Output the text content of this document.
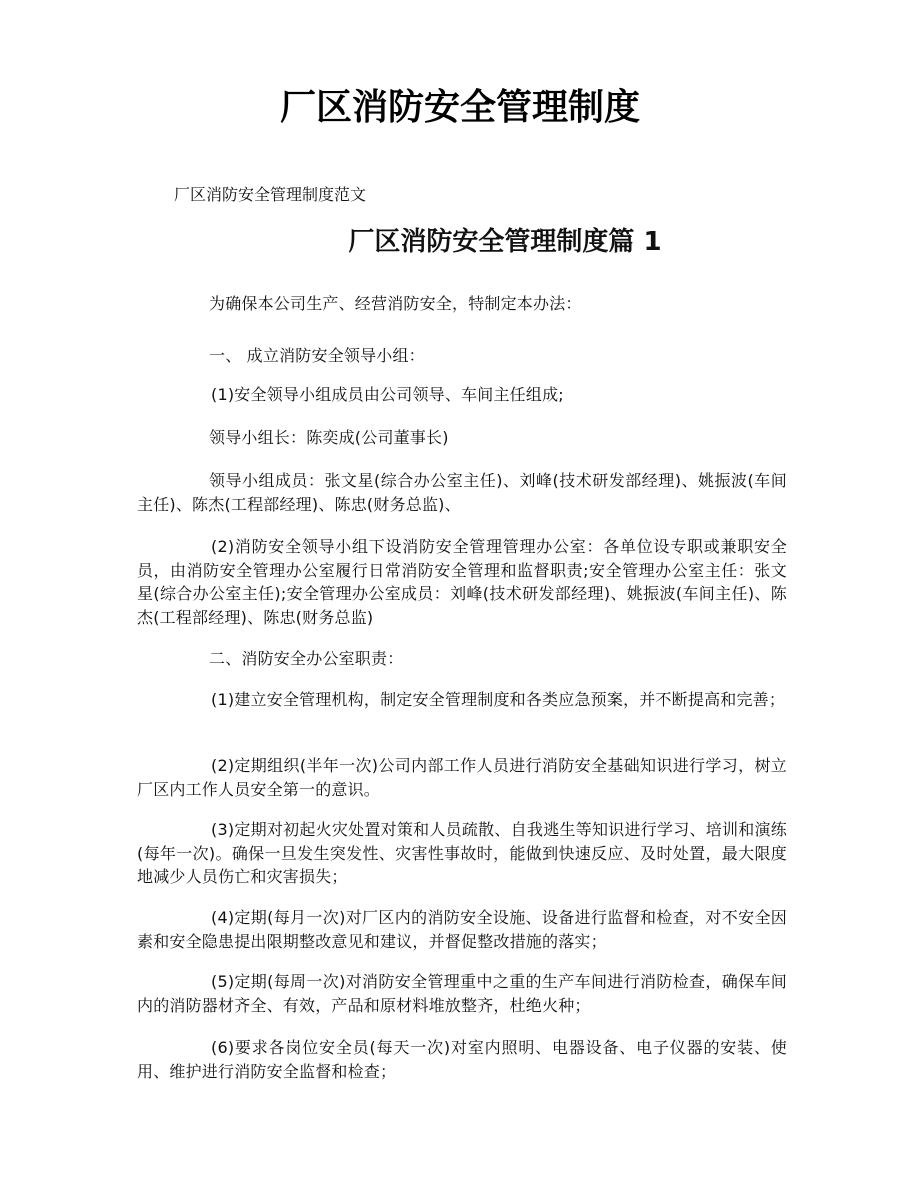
厂区消防安全管理制度
厂区消防安全管理制度范文
厂区消防安全管理制度篇 1
为确保本公司生产、经营消防安全，特制定本办法：
一、 成立消防安全领导小组：
(1)安全领导小组成员由公司领导、车间主任组成;
领导小组长：陈奕成(公司董事长)
领导小组成员：张文星(综合办公室主任)、刘峰(技术研发部经理)、姚振波(车间主任)、陈杰(工程部经理)、陈忠(财务总监)、
(2)消防安全领导小组下设消防安全管理管理办公室：各单位设专职或兼职安全员，由消防安全管理办公室履行日常消防安全管理和监督职责;安全管理办公室主任：张文星(综合办公室主任);安全管理办公室成员：刘峰(技术研发部经理)、姚振波(车间主任)、陈杰(工程部经理)、陈忠(财务总监)
二、消防安全办公室职责：
(1)建立安全管理机构，制定安全管理制度和各类应急预案，并不断提高和完善；
(2)定期组织(半年一次)公司内部工作人员进行消防安全基础知识进行学习，树立厂区内工作人员安全第一的意识。
(3)定期对初起火灾处置对策和人员疏散、自我逃生等知识进行学习、培训和演练(每年一次)。确保一旦发生突发性、灾害性事故时，能做到快速反应、及时处置，最大限度地减少人员伤亡和灾害损失；
(4)定期(每月一次)对厂区内的消防安全设施、设备进行监督和检查，对不安全因素和安全隐患提出限期整改意见和建议，并督促整改措施的落实；
(5)定期(每周一次)对消防安全管理重中之重的生产车间进行消防检查，确保车间内的消防器材齐全、有效，产品和原材料堆放整齐，杜绝火种；
(6)要求各岗位安全员(每天一次)对室内照明、电器设备、电子仪器的安装、使用、维护进行消防安全监督和检查；
